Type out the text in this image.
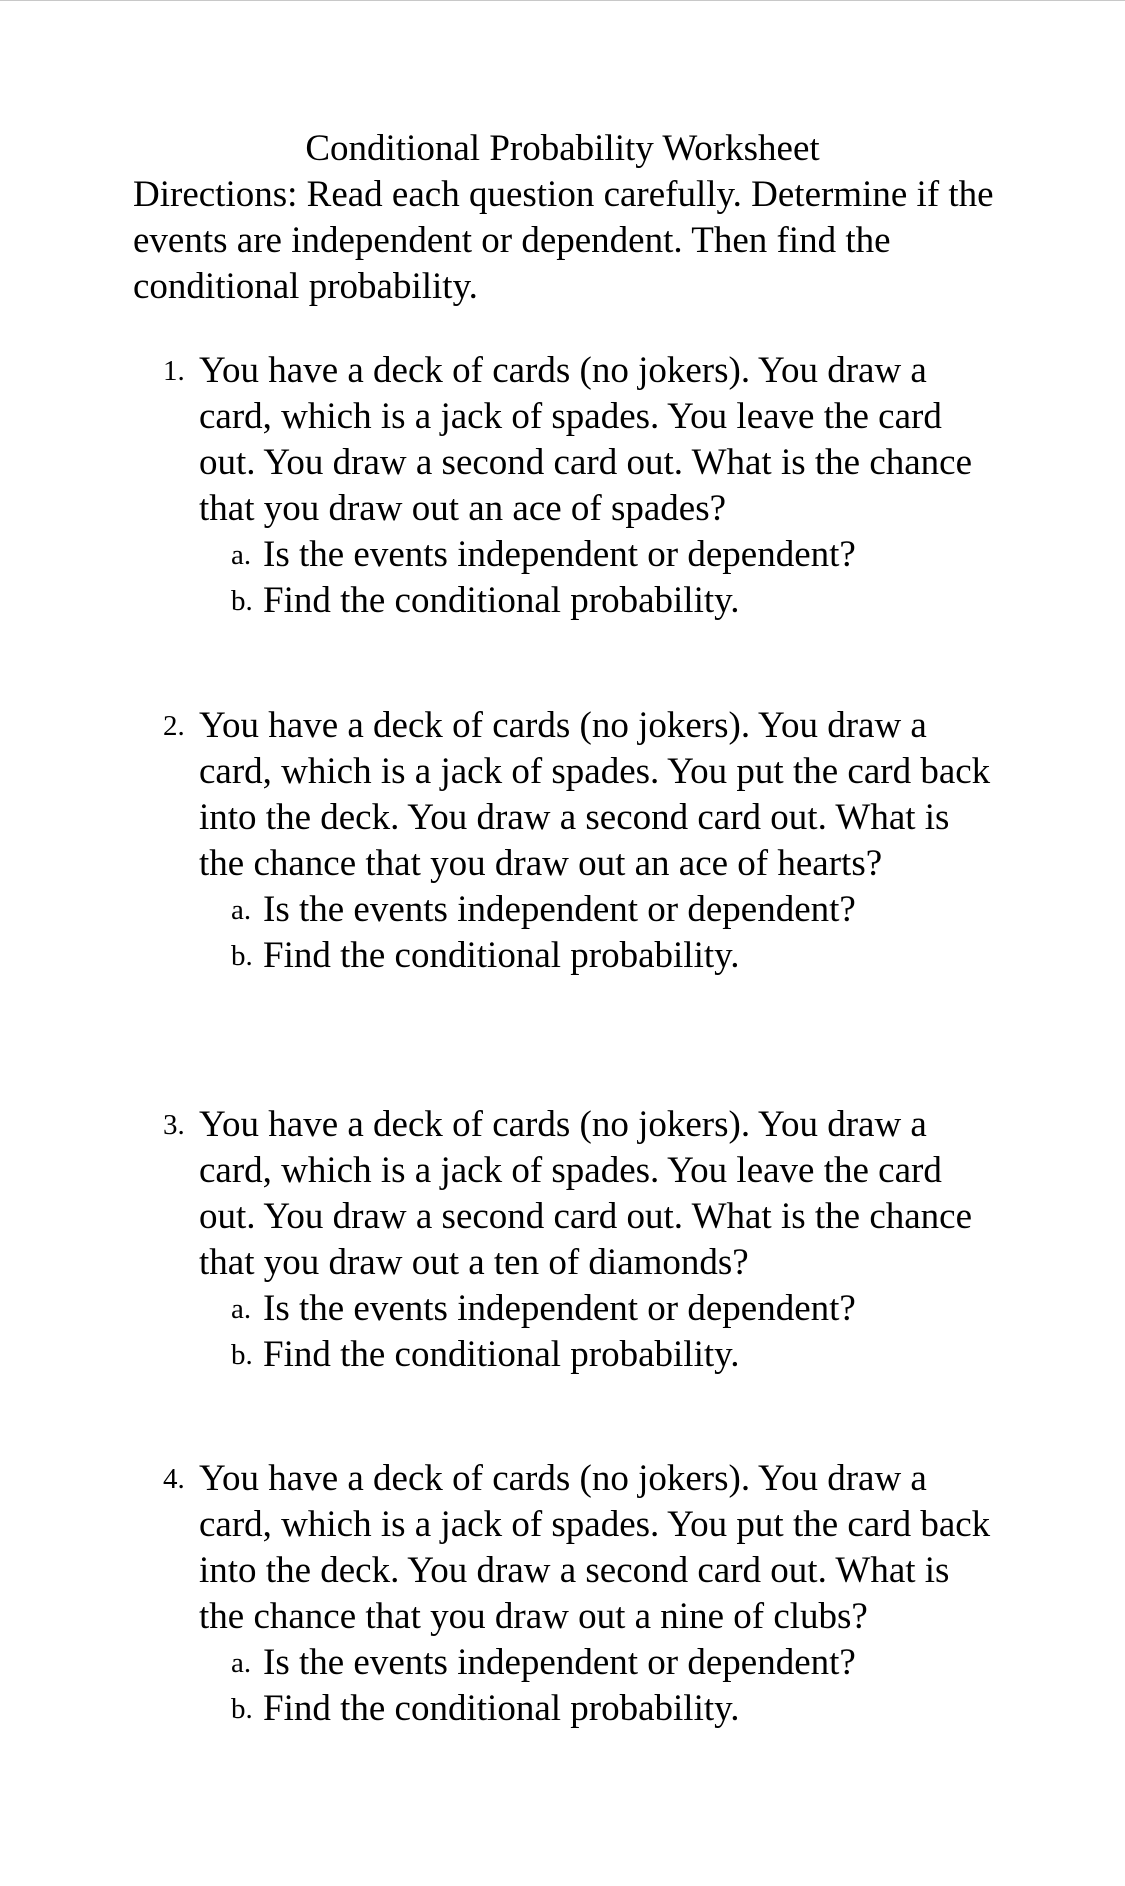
Conditional Probability Worksheet
Directions: Read each question carefully. Determine if the events are independent or dependent. Then find the conditional probability.
1. You have a deck of cards (no jokers). You draw a card, which is a jack of spades. You leave the card out. You draw a second card out. What is the chance that you draw out an ace of spades?
a. Is the events independent or dependent?
b. Find the conditional probability.
2. You have a deck of cards (no jokers). You draw a card, which is a jack of spades. You put the card back into the deck. You draw a second card out. What is the chance that you draw out an ace of hearts?
a. Is the events independent or dependent?
b. Find the conditional probability.
3. You have a deck of cards (no jokers). You draw a card, which is a jack of spades. You leave the card out. You draw a second card out. What is the chance that you draw out a ten of diamonds?
a. Is the events independent or dependent?
b. Find the conditional probability.
4. You have a deck of cards (no jokers). You draw a card, which is a jack of spades. You put the card back into the deck. You draw a second card out. What is the chance that you draw out a nine of clubs?
a. Is the events independent or dependent?
b. Find the conditional probability.
